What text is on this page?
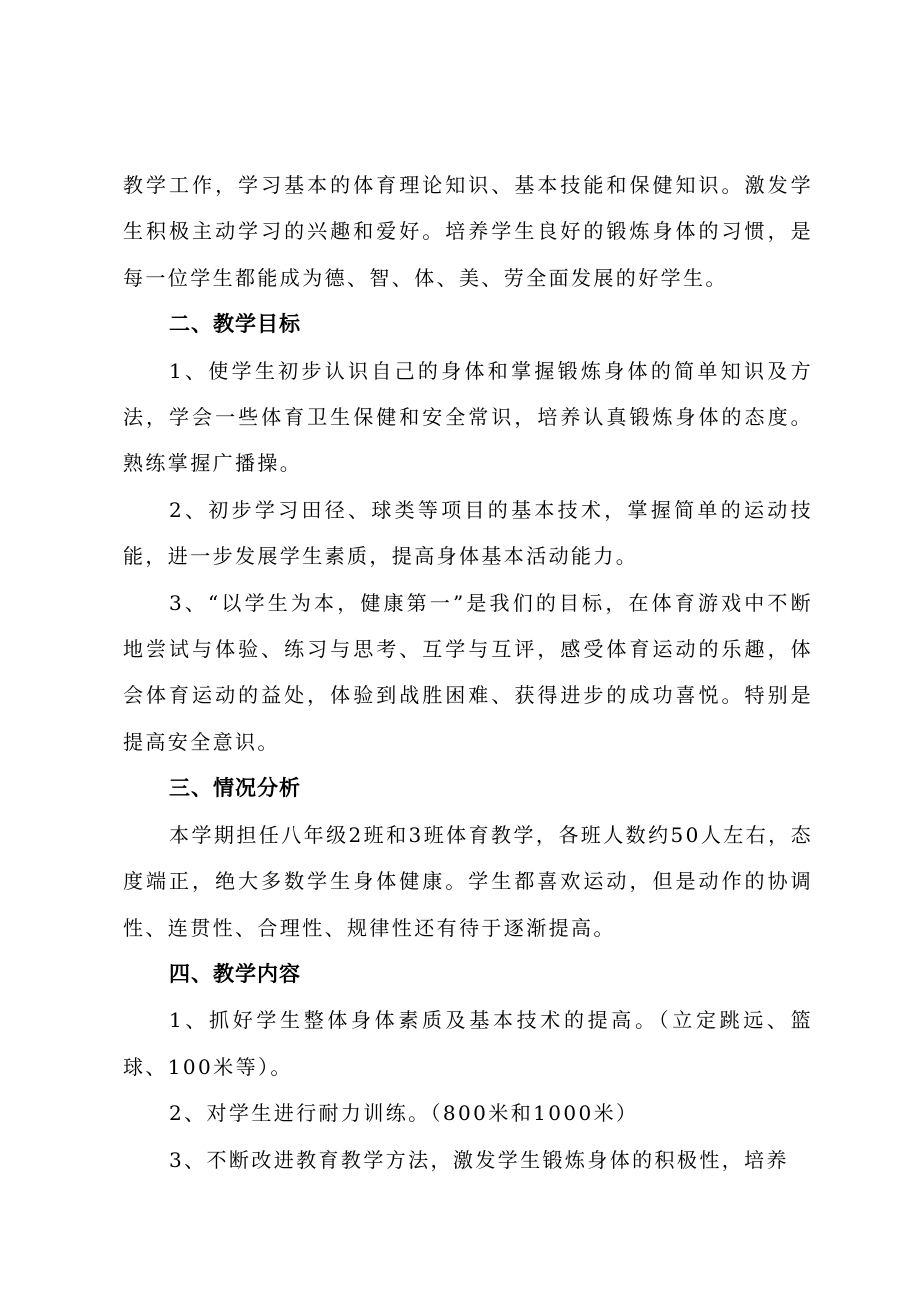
教学工作，学习基本的体育理论知识、基本技能和保健知识。激发学生积极主动学习的兴趣和爱好。培养学生良好的锻炼身体的习惯，是每一位学生都能成为德、智、体、美、劳全面发展的好学生。

二、教学目标

1、使学生初步认识自己的身体和掌握锻炼身体的简单知识及方法，学会一些体育卫生保健和安全常识，培养认真锻炼身体的态度。熟练掌握广播操。

2、初步学习田径、球类等项目的基本技术，掌握简单的运动技能，进一步发展学生素质，提高身体基本活动能力。

3、“以学生为本，健康第一”是我们的目标，在体育游戏中不断地尝试与体验、练习与思考、互学与互评，感受体育运动的乐趣，体会体育运动的益处，体验到战胜困难、获得进步的成功喜悦。特别是提高安全意识。

三、情况分析

本学期担任八年级2班和3班体育教学，各班人数约50人左右，态度端正，绝大多数学生身体健康。学生都喜欢运动，但是动作的协调性、连贯性、合理性、规律性还有待于逐渐提高。

四、教学内容

1、抓好学生整体身体素质及基本技术的提高。（立定跳远、篮球、100米等）。

2、对学生进行耐力训练。（800米和1000米）

3、不断改进教育教学方法，激发学生锻炼身体的积极性，培养
